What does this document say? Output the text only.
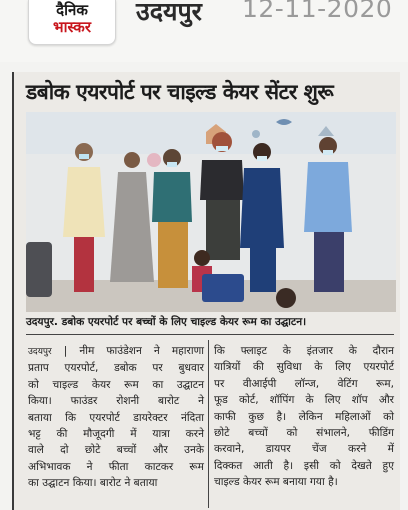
दैनिक
भास्कर
उदयपुर 12-11-2020
डबोक एयरपोर्ट पर चाइल्ड केयर सेंटर शुरू
उदयपुर. डबोक एयरपोर्ट पर बच्चों के लिए चाइल्ड केयर रूम का उद्घाटन।
उदयपुर | नीम फाउंडेशन ने महाराणा
प्रताप एयरपोर्ट, डबोक पर बुधवार
को चाइल्ड केयर रूम का उद्घाटन
किया। फाउंडर रोशनी बारोट ने
बताया कि एयरपोर्ट डायरेक्टर नंदिता
भट्ट की मौजूदगी में यात्रा करने
वाले दो छोटे बच्चों और उनके
अभिभावक ने फीता काटकर रूम
का उद्घाटन किया। बारोट ने बताया
कि फ्लाइट के इंतजार के दौरान
यात्रियों की सुविधा के लिए एयरपोर्ट
पर वीआईपी लॉन्ज, वेटिंग रूम,
फूड कोर्ट, शॉपिंग के लिए शॉप और
काफी कुछ है। लेकिन महिलाओं को
छोटे बच्चों को संभालने, फीडिंग
करवाने, डायपर चेंज करने में
दिक्कत आती है। इसी को देखते हुए
चाइल्ड केयर रूम बनाया गया है।
